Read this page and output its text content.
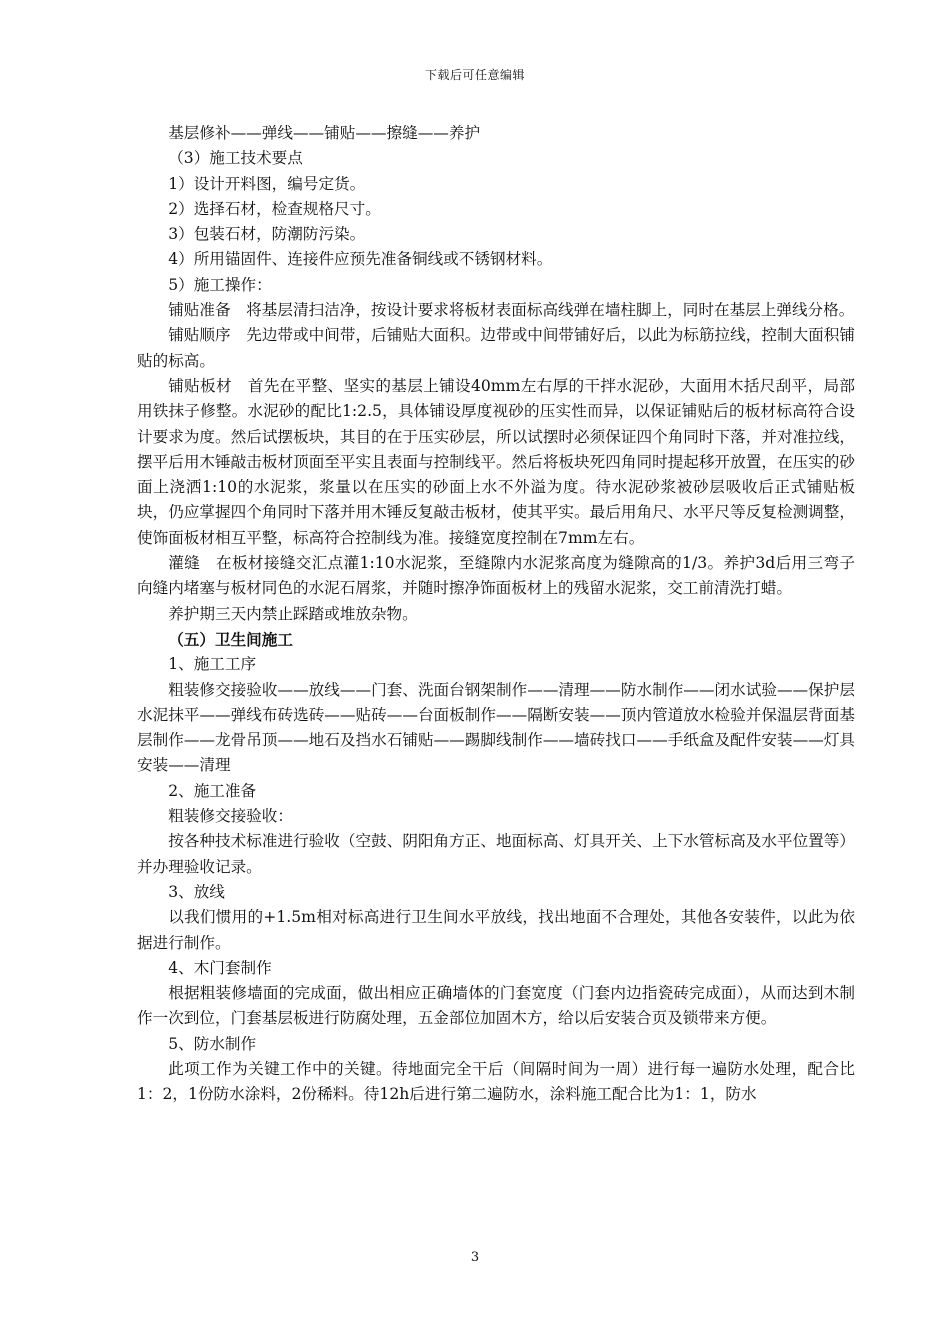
下载后可任意编辑

基层修补——弹线——铺贴——擦缝——养护

（3）施工技术要点

1）设计开料图，编号定货。

2）选择石材，检查规格尺寸。

3）包装石材，防潮防污染。

4）所用锚固件、连接件应预先准备铜线或不锈钢材料。

5）施工操作：

铺贴准备　将基层清扫洁净，按设计要求将板材表面标高线弹在墙柱脚上，同时在基层上弹线分格。

铺贴顺序　先边带或中间带，后铺贴大面积。边带或中间带铺好后，以此为标筋拉线，控制大面积铺贴的标高。

铺贴板材　首先在平整、坚实的基层上铺设40mm左右厚的干拌水泥砂，大面用木括尺刮平，局部用铁抹子修整。水泥砂的配比1:2.5，具体铺设厚度视砂的压实性而异，以保证铺贴后的板材标高符合设计要求为度。然后试摆板块，其目的在于压实砂层，所以试摆时必须保证四个角同时下落，并对准拉线，摆平后用木锤敲击板材顶面至平实且表面与控制线平。然后将板块死四角同时提起移开放置，在压实的砂面上浇洒1:10的水泥浆，浆量以在压实的砂面上水不外溢为度。待水泥砂浆被砂层吸收后正式铺贴板块，仍应掌握四个角同时下落并用木锤反复敲击板材，使其平实。最后用角尺、水平尺等反复检测调整，使饰面板材相互平整，标高符合控制线为准。接缝宽度控制在7mm左右。

灌缝　在板材接缝交汇点灌1:10水泥浆，至缝隙内水泥浆高度为缝隙高的1/3。养护3d后用三弯子向缝内堵塞与板材同色的水泥石屑浆，并随时擦净饰面板材上的残留水泥浆，交工前清洗打蜡。

养护期三天内禁止踩踏或堆放杂物。

（五）卫生间施工

1、施工工序

粗装修交接验收——放线——门套、洗面台钢架制作——清理——防水制作——闭水试验——保护层水泥抹平——弹线布砖选砖——贴砖——台面板制作——隔断安装——顶内管道放水检验并保温层背面基层制作——龙骨吊顶——地石及挡水石铺贴——踢脚线制作——墙砖找口——手纸盒及配件安装——灯具安装——清理

2、施工准备

粗装修交接验收：

按各种技术标准进行验收（空鼓、阴阳角方正、地面标高、灯具开关、上下水管标高及水平位置等）并办理验收记录。

3、放线

以我们惯用的+1.5m相对标高进行卫生间水平放线，找出地面不合理处，其他各安装件，以此为依据进行制作。

4、木门套制作

根据粗装修墙面的完成面，做出相应正确墙体的门套宽度（门套内边指瓷砖完成面），从而达到木制作一次到位，门套基层板进行防腐处理，五金部位加固木方，给以后安装合页及锁带来方便。

5、防水制作

此项工作为关键工作中的关键。待地面完全干后（间隔时间为一周）进行每一遍防水处理，配合比1：2，1份防水涂料，2份稀料。待12h后进行第二遍防水，涂料施工配合比为1：1，防水

3
